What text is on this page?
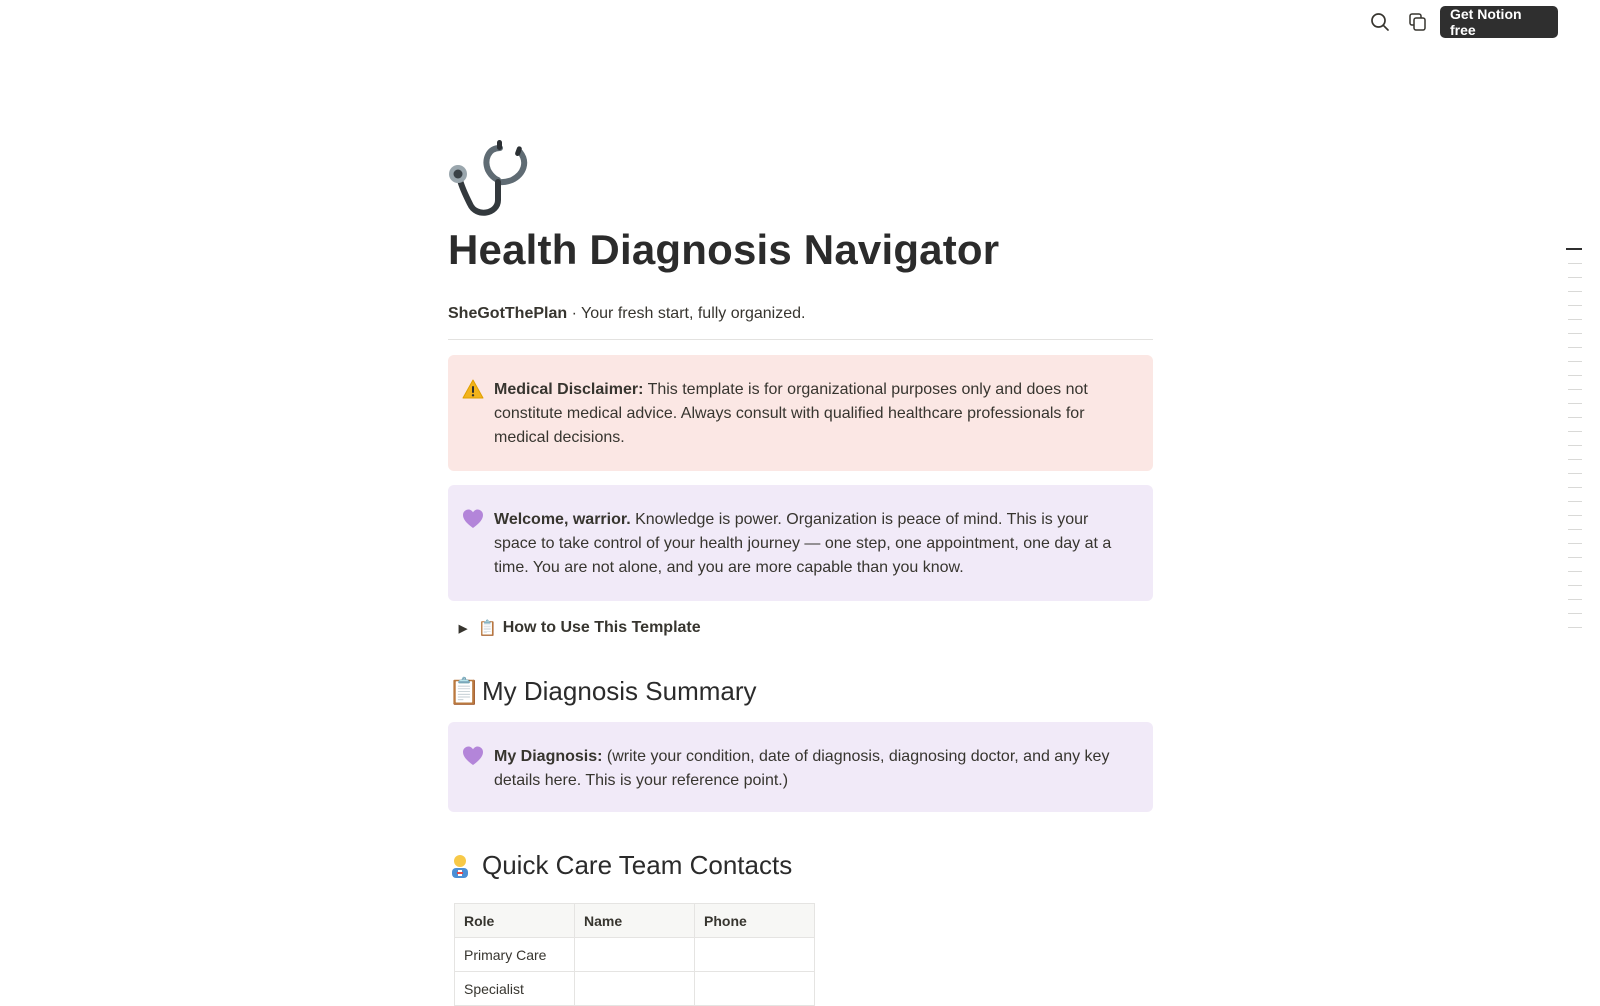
Get Notion free
Health Diagnosis Navigator
SheGotThePlan · Your fresh start, fully organized.
Medical Disclaimer: This template is for organizational purposes only and does not constitute medical advice. Always consult with qualified healthcare professionals for medical decisions.
Welcome, warrior. Knowledge is power. Organization is peace of mind. This is your space to take control of your health journey — one step, one appointment, one day at a time. You are not alone, and you are more capable than you know.
▶ 📋 How to Use This Template
📋 My Diagnosis Summary
My Diagnosis: (write your condition, date of diagnosis, diagnosing doctor, and any key details here. This is your reference point.)
Quick Care Team Contacts
Role	Name	Phone
Primary Care		
Specialist		
